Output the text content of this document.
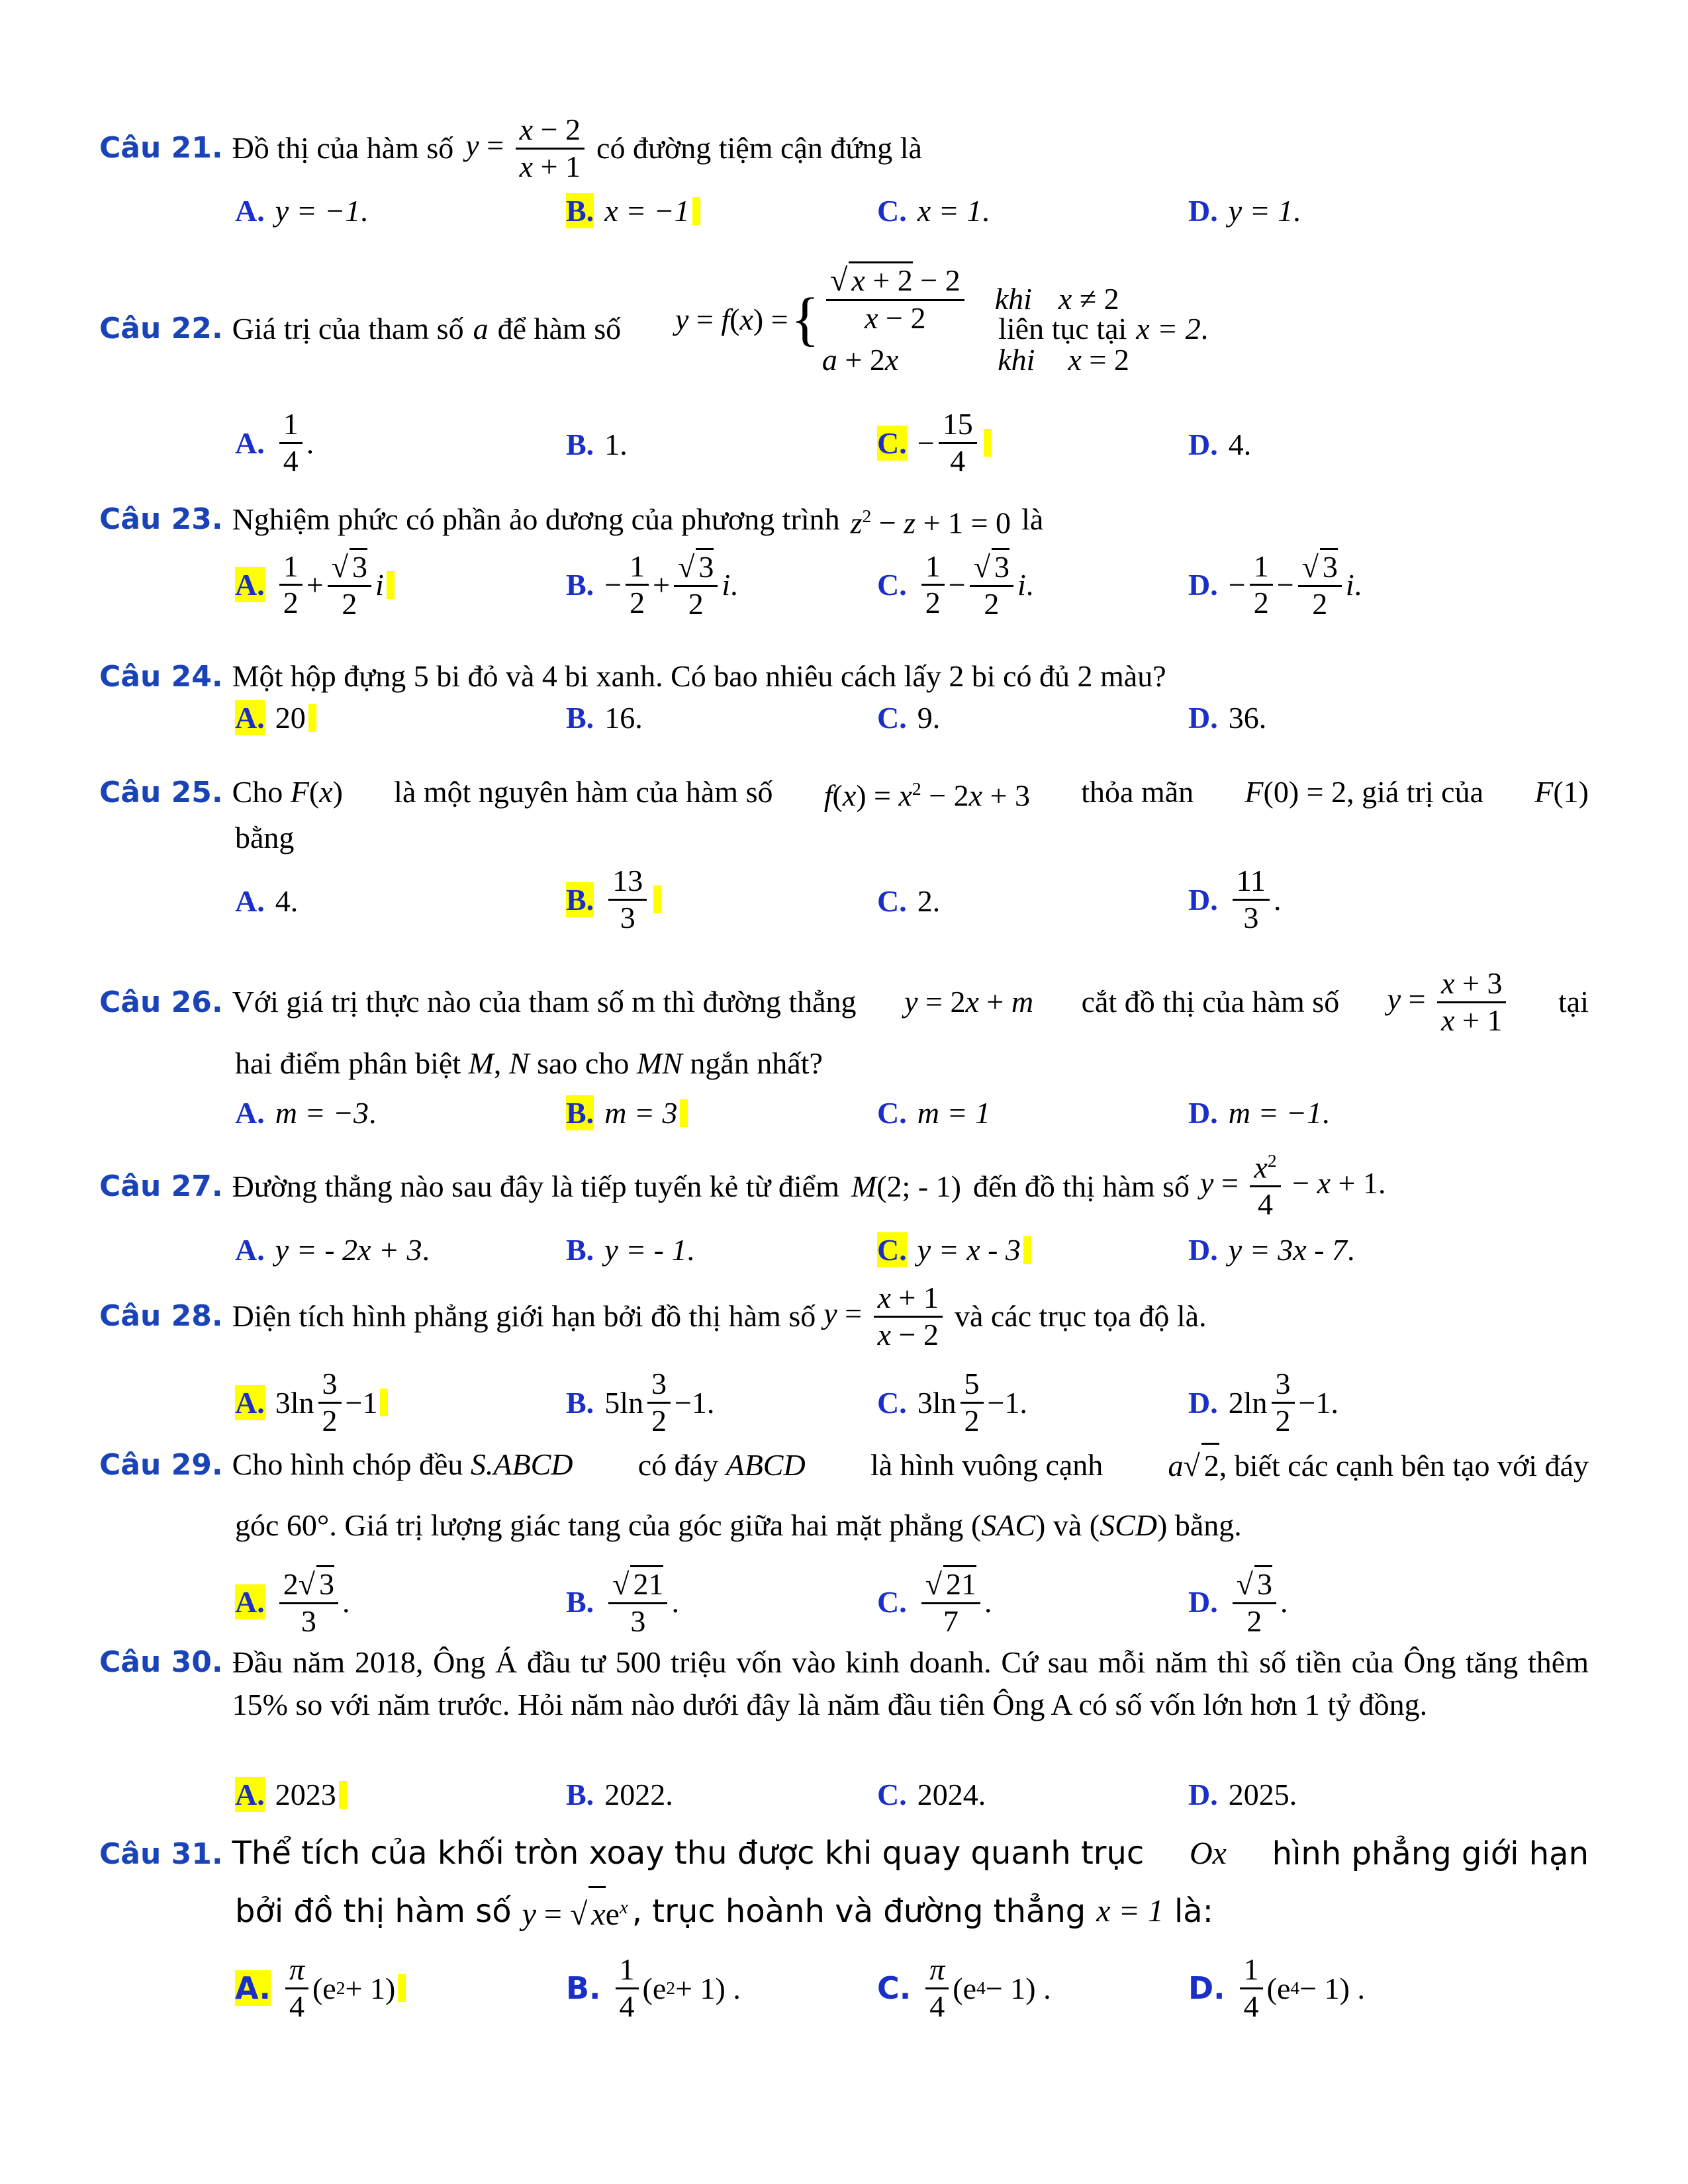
Câu 21. Đồ thị của hàm số $y = \frac{x - 2}{x + 1}$ có đường tiệm cận đứng là
A. y = −1 .	B. x = −1	C. x = 1 .	D. y = 1 .
Câu 22. Giá trị của tham số a để hàm số	liên tục tại x = 2 .
y = f(x) = { $\frac{√ x + 2 - 2}{x - 2}$ khi x ≠ 2
a + 2x	khi x = 2
A. $\frac{1}{4}$ .	B. 1 .	C. − $\frac{15}{4}$	D. 4 .
Câu 23. Nghiệm phức có phần ảo dương của phương trình $z^2 - z + 1 = 0$ là
A. $\frac{1}{2} + \frac{√ 3}{2}$ i	B. − $\frac{1}{2} + \frac{√ 3}{2}$ i .	C. $\frac{1}{2} - \frac{√ 3}{2}$ i .	D. − $\frac{1}{2} - \frac{√ 3}{2}$ i .
Câu 24. Một hộp đựng 5 bi đỏ và 4 bi xanh. Có bao nhiêu cách lấy 2 bi có đủ 2 màu?
A. 20	B. 16 .	C. 9 .	D. 36 .
Câu 25. Cho F(x) là một nguyên hàm của hàm số $f(x) = x^2 - 2x + 3$ thỏa mãn F(0) = 2, giá trị của F(1)
bằng
A. 4 .	B. $\frac{13}{3}$	C. 2 .	D. $\frac{11}{3}$ .
Câu 26. Với giá trị thực nào của tham số m thì đường thẳng y = 2x + m cắt đồ thị của hàm số $y = \frac{x + 3}{x + 1}$ tại
hai điểm phân biệt M, N sao cho MN ngắn nhất?
A. m = −3 .	B. m = 3	C. m = 1	D. m = −1 .
Câu 27. Đường thẳng nào sau đây là tiếp tuyến kẻ từ điểm M(2; - 1) đến đồ thị hàm số $y = \frac{x^2}{4} - x + 1$.
A. y = - 2x + 3 .	B. y = - 1 .	C. y = x - 3	D. y = 3x - 7 .
Câu 28. Diện tích hình phẳng giới hạn bởi đồ thị hàm số $y = \frac{x + 1}{x - 2}$ và các trục tọa độ là.
A. $3\ln \frac{3}{2} -1$	B. $5\ln \frac{3}{2} -1$.	C. $3\ln \frac{5}{2} -1$.	D. $2\ln \frac{3}{2} -1$.
Câu 29. Cho hình chóp đều S.ABCD có đáy ABCD là hình vuông cạnh a√ 2, biết các cạnh bên tạo với đáy
góc 60°. Giá trị lượng giác tang của góc giữa hai mặt phẳng (SAC) và (SCD) bằng.
A. $\frac{2√ 3}{3}$ .	B. $\frac{√ 21}{3}$ .	C. $\frac{√ 21}{7}$ .	D. $\frac{√ 3}{2}$ .
Câu 30. Đầu năm 2018, Ông Á đầu tư 500 triệu vốn vào kinh doanh. Cứ sau mỗi năm thì số tiền của Ông tăng thêm 15% so với năm trước. Hỏi năm nào dưới đây là năm đầu tiên Ông A có số vốn lớn hơn 1 tỷ đồng.
A. 2023	B. 2022 .	C. 2024 .	D. 2025 .
Câu 31. Thể tích của khối tròn xoay thu được khi quay quanh trục Ox hình phẳng giới hạn
bởi đồ thị hàm số y = √ $xe^x$ , trục hoành và đường thẳng x = 1 là:
A. $\frac{\pi}{4} (e$ 2 + 1)	B. $\frac{1}{4} (e$ 2 + 1) .	C. $\frac{\pi}{4} (e$ 4 − 1) .	D. $\frac{1}{4} (e$ 4 − 1) .
